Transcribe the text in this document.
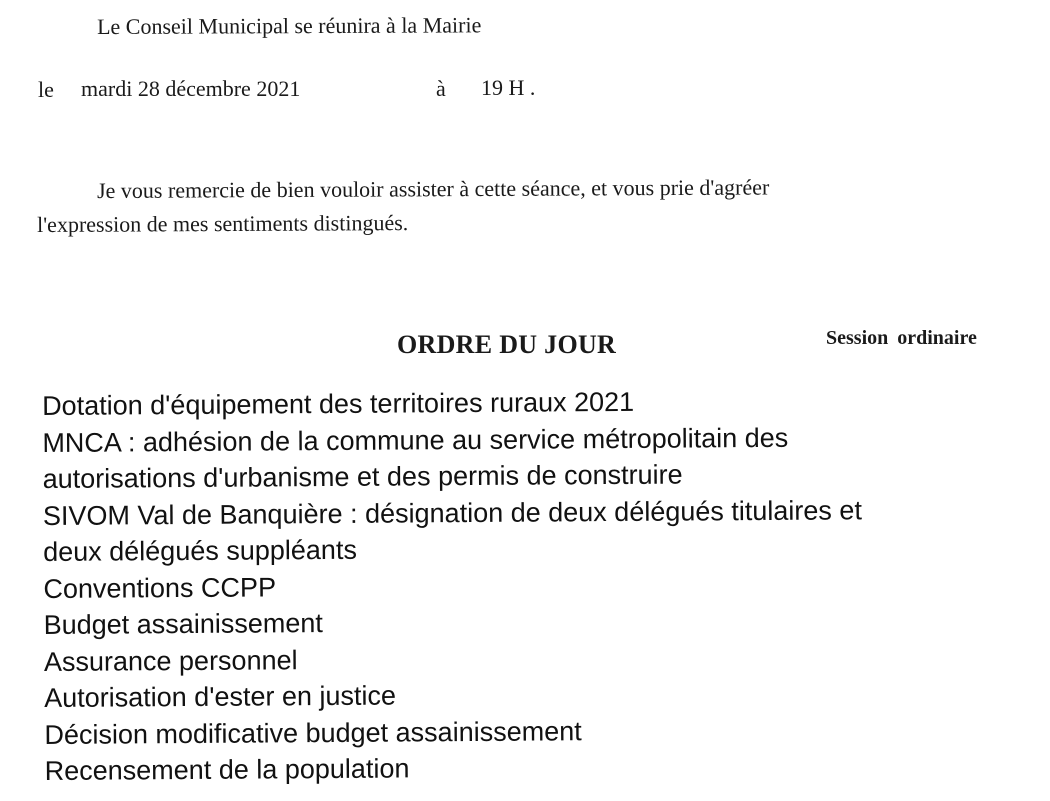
Le Conseil Municipal se réunira à la Mairie
le mardi 28 décembre 2021	à 19 H .
Je vous remercie de bien vouloir assister à cette séance, et vous prie d'agréer
l'expression de mes sentiments distingués.
ORDRE DU JOUR	Session ordinaire
Dotation d'équipement des territoires ruraux 2021
MNCA : adhésion de la commune au service métropolitain des
autorisations d'urbanisme et des permis de construire
SIVOM Val de Banquière : désignation de deux délégués titulaires et
deux délégués suppléants
Conventions CCPP
Budget assainissement
Assurance personnel
Autorisation d'ester en justice
Décision modificative budget assainissement
Recensement de la population
